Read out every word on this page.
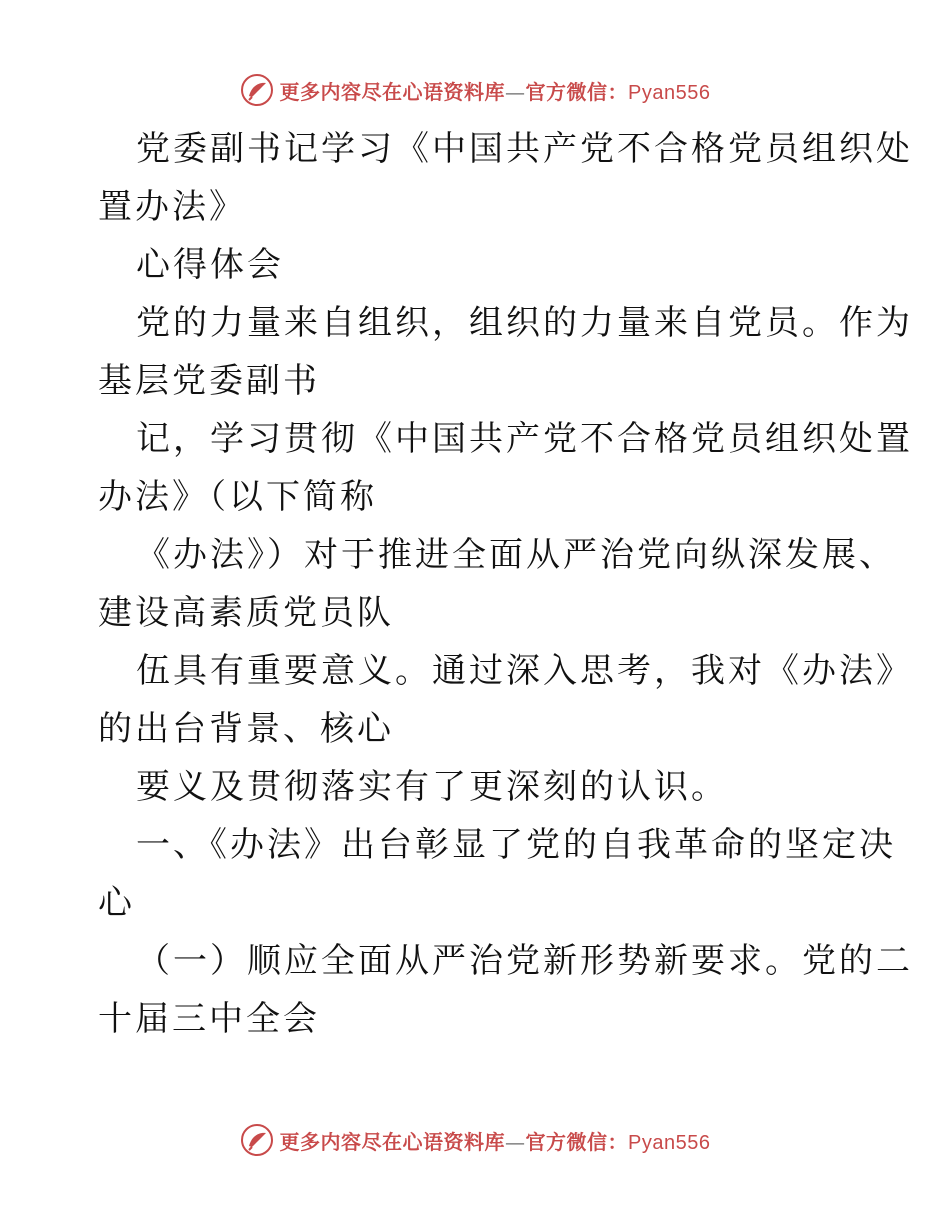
更多内容尽在心语资料库—官方微信：Pyan556
党委副书记学习《中国共产党不合格党员组织处
置办法》
心得体会
党的力量来自组织，组织的力量来自党员。作为
基层党委副书
记，学习贯彻《中国共产党不合格党员组织处置
办法》（以下简称
《办法》）对于推进全面从严治党向纵深发展、
建设高素质党员队
伍具有重要意义。通过深入思考，我对《办法》
的出台背景、核心
要义及贯彻落实有了更深刻的认识。
一、《办法》出台彰显了党的自我革命的坚定决
心
（一）顺应全面从严治党新形势新要求。党的二
十届三中全会
更多内容尽在心语资料库—官方微信：Pyan556
